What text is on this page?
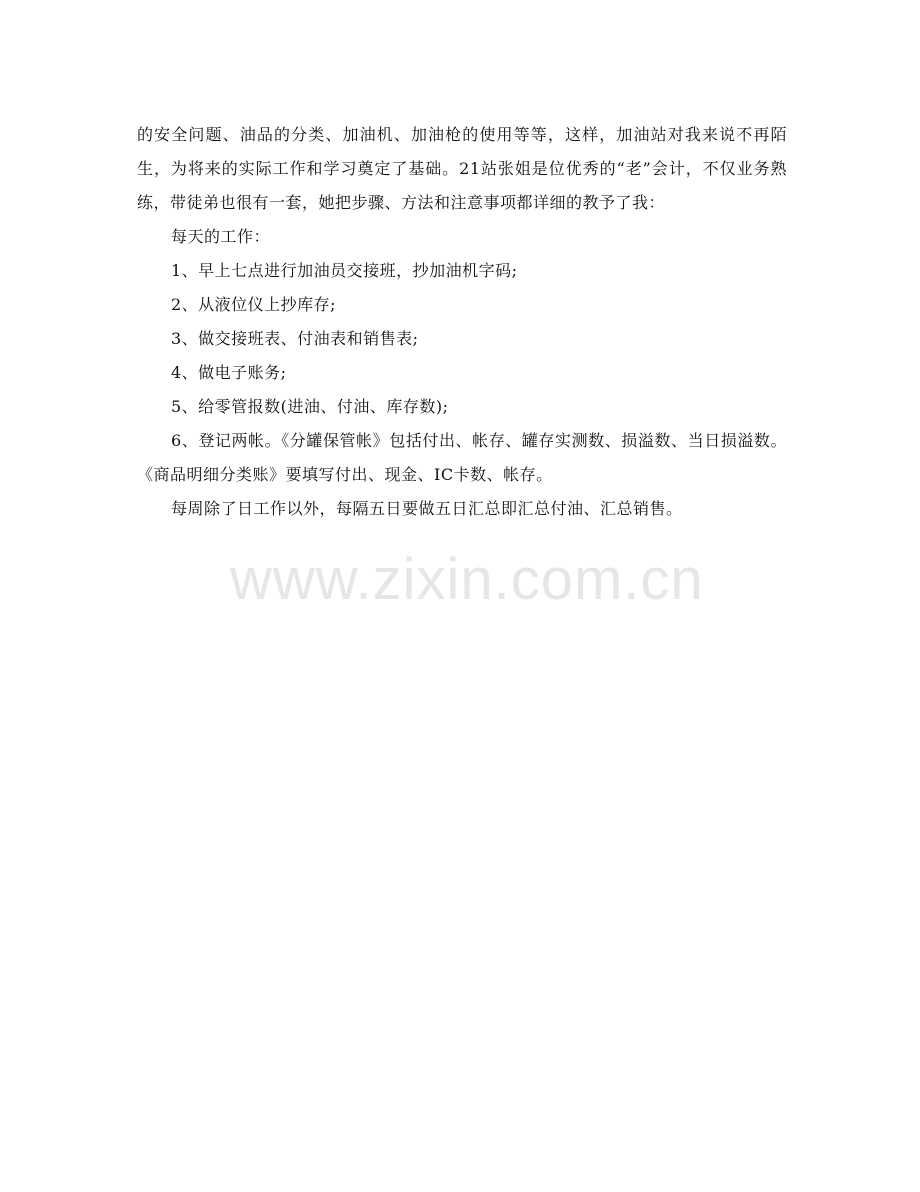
的安全问题、油品的分类、加油机、加油枪的使用等等，这样，加油站对我来说不再陌生，为将来的实际工作和学习奠定了基础。21站张姐是位优秀的“老”会计，不仅业务熟练，带徒弟也很有一套，她把步骤、方法和注意事项都详细的教予了我：

每天的工作：

1、早上七点进行加油员交接班，抄加油机字码;

2、从液位仪上抄库存;

3、做交接班表、付油表和销售表;

4、做电子账务;

5、给零管报数(进油、付油、库存数);

6、登记两帐。《分罐保管帐》包括付出、帐存、罐存实测数、损溢数、当日损溢数。《商品明细分类账》要填写付出、现金、IC卡数、帐存。

每周除了日工作以外，每隔五日要做五日汇总即汇总付油、汇总销售。

www.zixin.com.cn
